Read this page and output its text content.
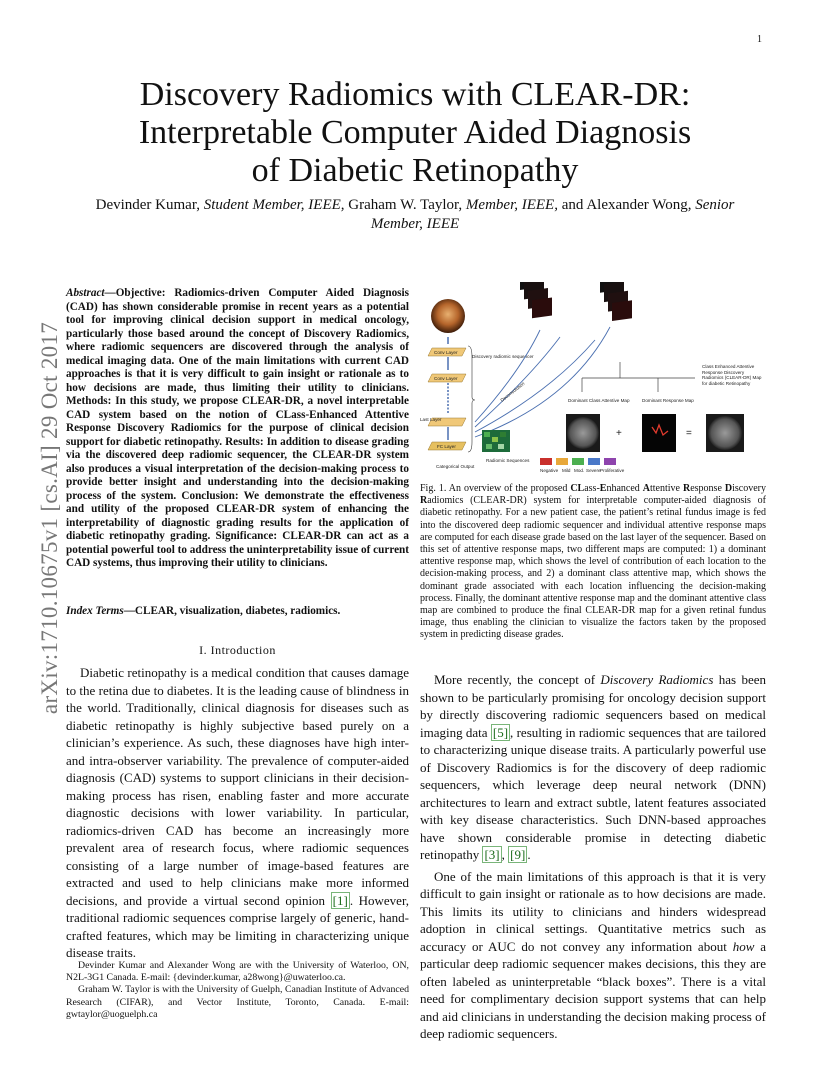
1
arXiv:1710.10675v1 [cs.AI] 29 Oct 2017
Discovery Radiomics with CLEAR-DR:
Interpretable Computer Aided Diagnosis
of Diabetic Retinopathy
Devinder Kumar, Student Member, IEEE, Graham W. Taylor, Member, IEEE, and Alexander Wong, Senior Member, IEEE
Abstract—Objective: Radiomics-driven Computer Aided Diagnosis (CAD) has shown considerable promise in recent years as a potential tool for improving clinical decision support in medical oncology, particularly those based around the concept of Discovery Radiomics, where radiomic sequencers are discovered through the analysis of medical imaging data. One of the main limitations with current CAD approaches is that it is very difficult to gain insight or rationale as to how decisions are made, thus limiting their utility to clinicians. Methods: In this study, we propose CLEAR-DR, a novel interpretable CAD system based on the notion of CLass-Enhanced Attentive Response Discovery Radiomics for the purpose of clinical decision support for diabetic retinopathy. Results: In addition to disease grading via the discovered deep radiomic sequencer, the CLEAR-DR system also produces a visual interpretation of the decision-making process to provide better insight and understanding into the decision-making process of the system. Conclusion: We demonstrate the effectiveness and utility of the proposed CLEAR-DR system of enhancing the interpretability of diagnostic grading results for the application of diabetic retinopathy grading. Significance: CLEAR-DR can act as a potential powerful tool to address the uninterpretability issue of current CAD systems, thus improving their utility to clinicians.
Index Terms—CLEAR, visualization, diabetes, radiomics.
I. Introduction
Diabetic retinopathy is a medical condition that causes damage to the retina due to diabetes. It is the leading cause of blindness in the world. Traditionally, clinical diagnosis for diseases such as diabetic retinopathy is highly subjective based purely on a clinician’s experience. As such, these diagnoses have high inter- and intra-observer variability. The prevalence of computer-aided diagnosis (CAD) systems to support clinicians in their decision-making process has risen, enabling faster and more accurate diagnostic decisions with lower variability. In particular, radiomics-driven CAD has become an increasingly more prevalent area of research focus, where radiomic sequences consisting of a large number of image-based features are extracted and used to help clinicians make more informed decisions, and provide a virtual second opinion [1] . However, traditional radiomic sequences comprise largely of generic, hand-crafted features, which may be limiting in characterizing unique disease traits.

Devinder Kumar and Alexander Wong are with the University of Waterloo, ON, N2L-3G1 Canada. E-mail: {devinder.kumar, a28wong}@uwaterloo.ca.

Graham W. Taylor is with the University of Guelph, Canadian Institute of Advanced Research (CIFAR), and Vector Institute, Toronto, Canada. E-mail: gwtaylor@uoguelph.ca

Conv Layer
Conv Layer
Last Layer
FC Layer
Categorical Output
Discovery radiomic sequencer
Deconvolution
Radiomic Sequences
Negative Mild Mod. Severe Proliferative
Dominant Class Attentive Map	Dominant Response Map
+	=
Class Enhanced Attentive Response Discovery Radiomics (CLEAR-DR) Map for diabetic Retinopathy
Fig. 1. An overview of the proposed CLass-Enhanced Attentive Response Discovery Radiomics (CLEAR-DR) system for interpretable computer-aided diagnosis of diabetic retinopathy. For a new patient case, the patient’s retinal fundus image is fed into the discovered deep radiomic sequencer and individual attentive response maps are computed for each disease grade based on the last layer of the sequencer. Based on this set of attentive response maps, two different maps are computed: 1) a dominant attentive response map, which shows the level of contribution of each location to the decision-making process, and 2) a dominant class attentive map, which shows the dominant grade associated with each location influencing the decision-making process. Finally, the dominant attentive response map and the dominant attentive class map are combined to produce the final CLEAR-DR map for a given retinal fundus image, thus enabling the clinician to visualize the factors taken by the proposed system in predicting disease grades.

More recently, the concept of Discovery Radiomics has been shown to be particularly promising for oncology decision support by directly discovering radiomic sequencers based on medical imaging data [5] , resulting in radiomic sequences that are tailored to characterizing unique disease traits. A particularly powerful use of Discovery Radiomics is for the discovery of deep radiomic sequencers, which leverage deep neural network (DNN) architectures to learn and extract subtle, latent features associated with key disease characteristics. Such DNN-based approaches have shown considerable promise in detecting diabetic retinopathy [3] , [9] .

One of the main limitations of this approach is that it is very difficult to gain insight or rationale as to how decisions are made. This limits its utility to clinicians and hinders widespread adoption in clinical settings. Quantitative metrics such as accuracy or AUC do not convey any information about how a particular deep radiomic sequencer makes decisions, this they are often labeled as uninterpretable “black boxes”. There is a vital need for complimentary decision support systems that can help and aid clinicians in understanding the decision making process of deep radiomic sequencers.
